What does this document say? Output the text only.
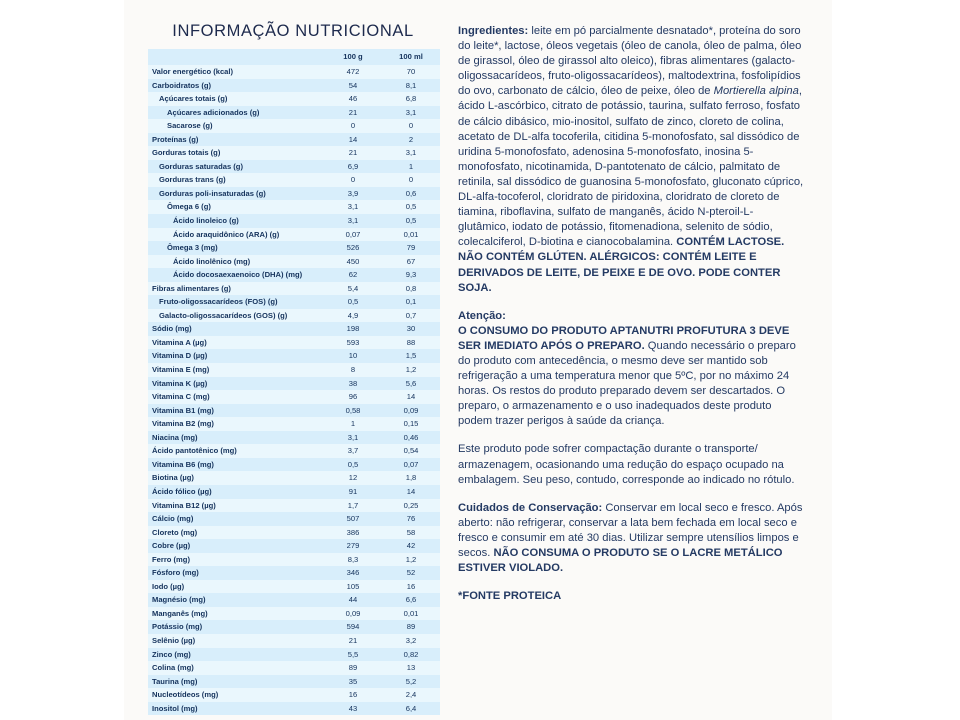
INFORMAÇÃO NUTRICIONAL
	100 g	100 ml
Valor energético (kcal)	472	70
Carboidratos (g)	54	8,1
Açúcares totais (g)	46	6,8
Açúcares adicionados (g)	21	3,1
Sacarose (g)	0	0
Proteínas (g)	14	2
Gorduras totais (g)	21	3,1
Gorduras saturadas (g)	6,9	1
Gorduras trans (g)	0	0
Gorduras poli-insaturadas (g)	3,9	0,6
Ômega 6 (g)	3,1	0,5
Ácido linoleico (g)	3,1	0,5
Ácido araquidônico (ARA) (g)	0,07	0,01
Ômega 3 (mg)	526	79
Ácido linolênico (mg)	450	67
Ácido docosaexaenoico (DHA) (mg)	62	9,3
Fibras alimentares (g)	5,4	0,8
Fruto-oligossacarídeos (FOS) (g)	0,5	0,1
Galacto-oligossacarídeos (GOS) (g)	4,9	0,7
Sódio (mg)	198	30
Vitamina A (µg)	593	88
Vitamina D (µg)	10	1,5
Vitamina E (mg)	8	1,2
Vitamina K (µg)	38	5,6
Vitamina C (mg)	96	14
Vitamina B1 (mg)	0,58	0,09
Vitamina B2 (mg)	1	0,15
Niacina (mg)	3,1	0,46
Ácido pantotênico (mg)	3,7	0,54
Vitamina B6 (mg)	0,5	0,07
Biotina (µg)	12	1,8
Ácido fólico (µg)	91	14
Vitamina B12 (µg)	1,7	0,25
Cálcio (mg)	507	76
Cloreto (mg)	386	58
Cobre (µg)	279	42
Ferro (mg)	8,3	1,2
Fósforo (mg)	346	52
Iodo (µg)	105	16
Magnésio (mg)	44	6,6
Manganês (mg)	0,09	0,01
Potássio (mg)	594	89
Selênio (µg)	21	3,2
Zinco (mg)	5,5	0,82
Colina (mg)	89	13
Taurina (mg)	35	5,2
Nucleotídeos (mg)	16	2,4
Inositol (mg)	43	6,4

Ingredientes: leite em pó parcialmente desnatado*, proteína do soro do leite*, lactose, óleos vegetais (óleo de canola, óleo de palma, óleo de girassol, óleo de girassol alto oleico), fibras alimentares (galacto-oligossacarídeos, fruto-oligossacarídeos), maltodextrina, fosfolipídios do ovo, carbonato de cálcio, óleo de peixe, óleo de Mortierella alpina, ácido L-ascórbico, citrato de potássio, taurina, sulfato ferroso, fosfato de cálcio dibásico, mio-inositol, sulfato de zinco, cloreto de colina, acetato de DL-alfa tocoferila, citidina 5-monofosfato, sal dissódico de uridina 5-monofosfato, adenosina 5-monofosfato, inosina 5-monofosfato, nicotinamida, D-pantotenato de cálcio, palmitato de retinila, sal dissódico de guanosina 5-monofosfato, gluconato cúprico, DL-alfa-tocoferol, cloridrato de piridoxina, cloridrato de cloreto de tiamina, riboflavina, sulfato de manganês, ácido N-pteroil-L-glutâmico, iodato de potássio, fitomenadiona, selenito de sódio, colecalciferol, D-biotina e cianocobalamina. CONTÉM LACTOSE. NÃO CONTÉM GLÚTEN. ALÉRGICOS: CONTÉM LEITE E DERIVADOS DE LEITE, DE PEIXE E DE OVO. PODE CONTER SOJA.

Atenção:
O CONSUMO DO PRODUTO APTANUTRI PROFUTURA 3 DEVE SER IMEDIATO APÓS O PREPARO. Quando necessário o preparo do produto com antecedência, o mesmo deve ser mantido sob refrigeração a uma temperatura menor que 5ºC, por no máximo 24 horas. Os restos do produto preparado devem ser descartados. O preparo, o armazenamento e o uso inadequados deste produto podem trazer perigos à saúde da criança.

Este produto pode sofrer compactação durante o transporte/ armazenagem, ocasionando uma redução do espaço ocupado na embalagem. Seu peso, contudo, corresponde ao indicado no rótulo.

Cuidados de Conservação: Conservar em local seco e fresco. Após aberto: não refrigerar, conservar a lata bem fechada em local seco e fresco e consumir em até 30 dias. Utilizar sempre utensílios limpos e secos. NÃO CONSUMA O PRODUTO SE O LACRE METÁLICO ESTIVER VIOLADO.

*FONTE PROTEICA
